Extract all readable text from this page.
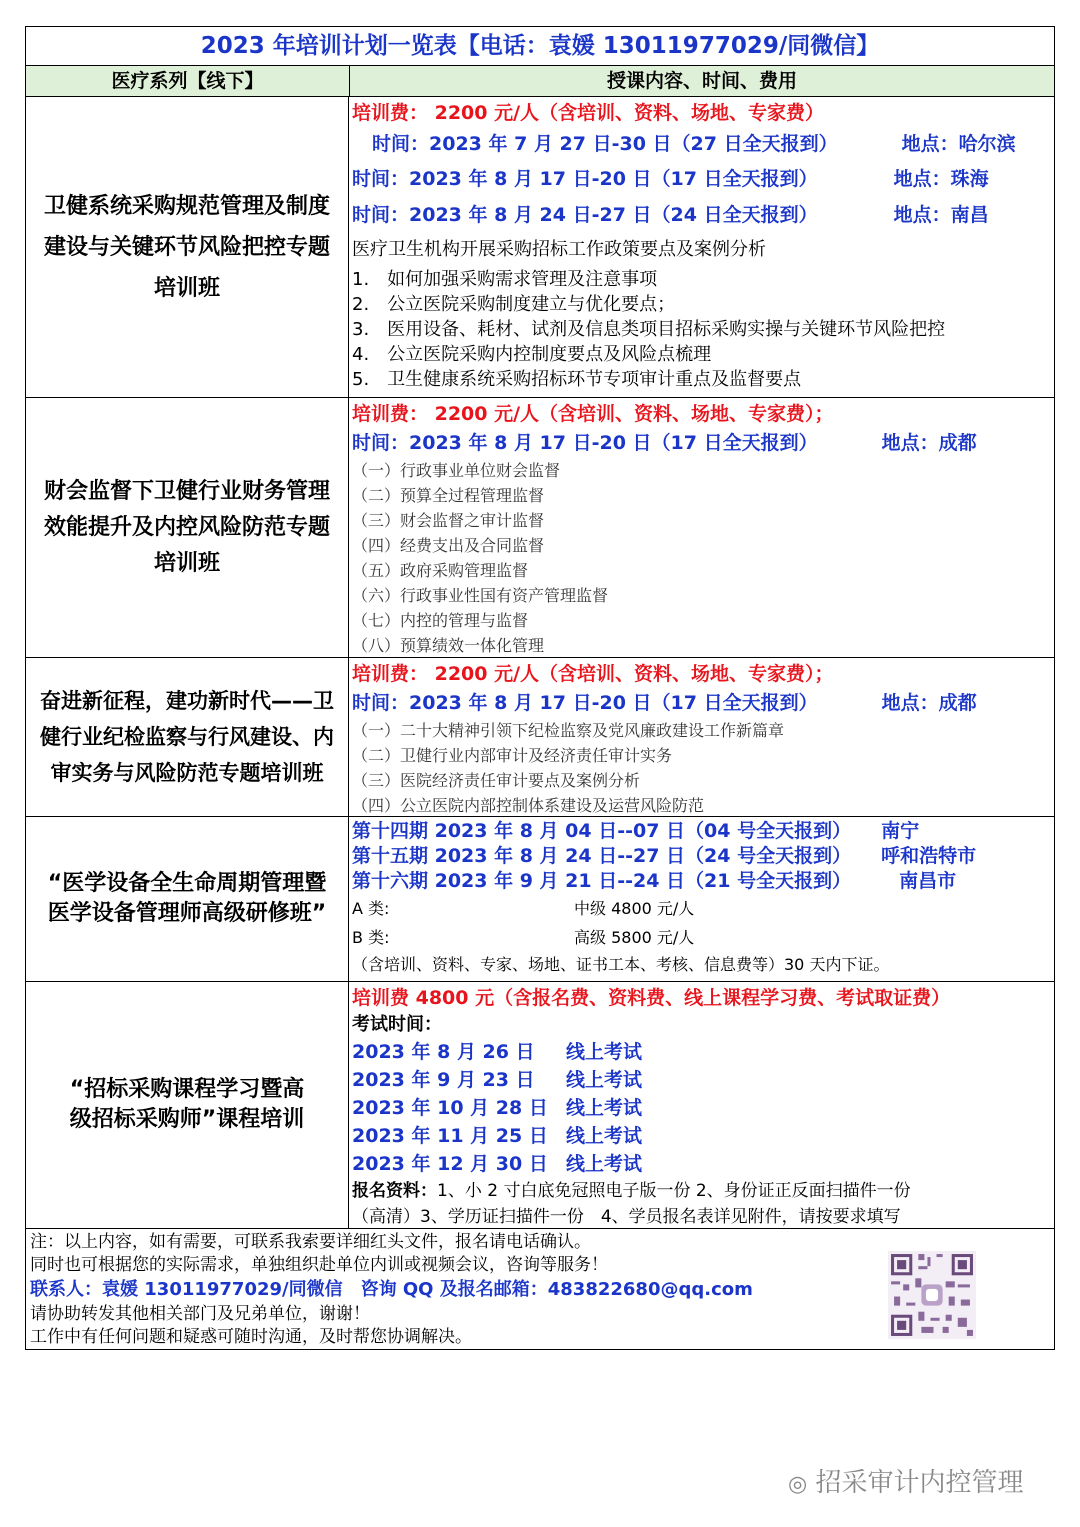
2023 年培训计划一览表【电话：袁媛 13011977029/同微信】
医疗系列【线下】	授课内容、时间、费用
卫健系统采购规范管理及制度建设与关键环节风险把控专题培训班
培训费： 2200 元/人（含培训、资料、场地、专家费）
时间：2023 年 7 月 27 日-30 日（27 日全天报到）	地点：哈尔滨
时间：2023 年 8 月 17 日-20 日（17 日全天报到）	地点：珠海
时间：2023 年 8 月 24 日-27 日（24 日全天报到）	地点：南昌
医疗卫生机构开展采购招标工作政策要点及案例分析
1.　如何加强采购需求管理及注意事项
2.　公立医院采购制度建立与优化要点；
3.　医用设备、耗材、试剂及信息类项目招标采购实操与关键环节风险把控
4.　公立医院采购内控制度要点及风险点梳理
5.　卫生健康系统采购招标环节专项审计重点及监督要点
财会监督下卫健行业财务管理效能提升及内控风险防范专题培训班
培训费： 2200 元/人（含培训、资料、场地、专家费）；
时间：2023 年 8 月 17 日-20 日（17 日全天报到）	地点：成都
（一）行政事业单位财会监督
（二）预算全过程管理监督
（三）财会监督之审计监督
（四）经费支出及合同监督
（五）政府采购管理监督
（六）行政事业性国有资产管理监督
（七）内控的管理与监督
（八）预算绩效一体化管理
奋进新征程，建功新时代——卫健行业纪检监察与行风建设、内审实务与风险防范专题培训班
培训费： 2200 元/人（含培训、资料、场地、专家费）；
时间：2023 年 8 月 17 日-20 日（17 日全天报到）	地点：成都
（一）二十大精神引领下纪检监察及党风廉政建设工作新篇章
（二）卫健行业内部审计及经济责任审计实务
（三）医院经济责任审计要点及案例分析
（四）公立医院内部控制体系建设及运营风险防范
“医学设备全生命周期管理暨医学设备管理师高级研修班”
第十四期 2023 年 8 月 04 日--07 日（04 号全天报到） 南宁
第十五期 2023 年 8 月 24 日--27 日（24 号全天报到） 呼和浩特市
第十六期 2023 年 9 月 21 日--24 日（21 号全天报到）	南昌市
A 类:	中级 4800 元/人
B 类:	高级 5800 元/人
（含培训、资料、专家、场地、证书工本、考核、信息费等）30 天内下证。
“招标采购课程学习暨高级招标采购师”课程培训
培训费 4800 元（含报名费、资料费、线上课程学习费、考试取证费）
考试时间：
2023 年 8 月 26 日 线上考试
2023 年 9 月 23 日 线上考试
2023 年 10 月 28 日 线上考试
2023 年 11 月 25 日 线上考试
2023 年 12 月 30 日 线上考试
报名资料：1、小 2 寸白底免冠照电子版一份 2、身份证正反面扫描件一份
（高清）3、学历证扫描件一份　4、学员报名表详见附件，请按要求填写
注：以上内容，如有需要，可联系我索要详细红头文件，报名请电话确认。
同时也可根据您的实际需求，单独组织赴单位内训或视频会议，咨询等服务！
联系人：袁媛 13011977029/同微信　咨询 QQ 及报名邮箱：483822680@qq.com
请协助转发其他相关部门及兄弟单位，谢谢！
工作中有任何问题和疑惑可随时沟通，及时帮您协调解决。
◎ 招采审计内控管理
